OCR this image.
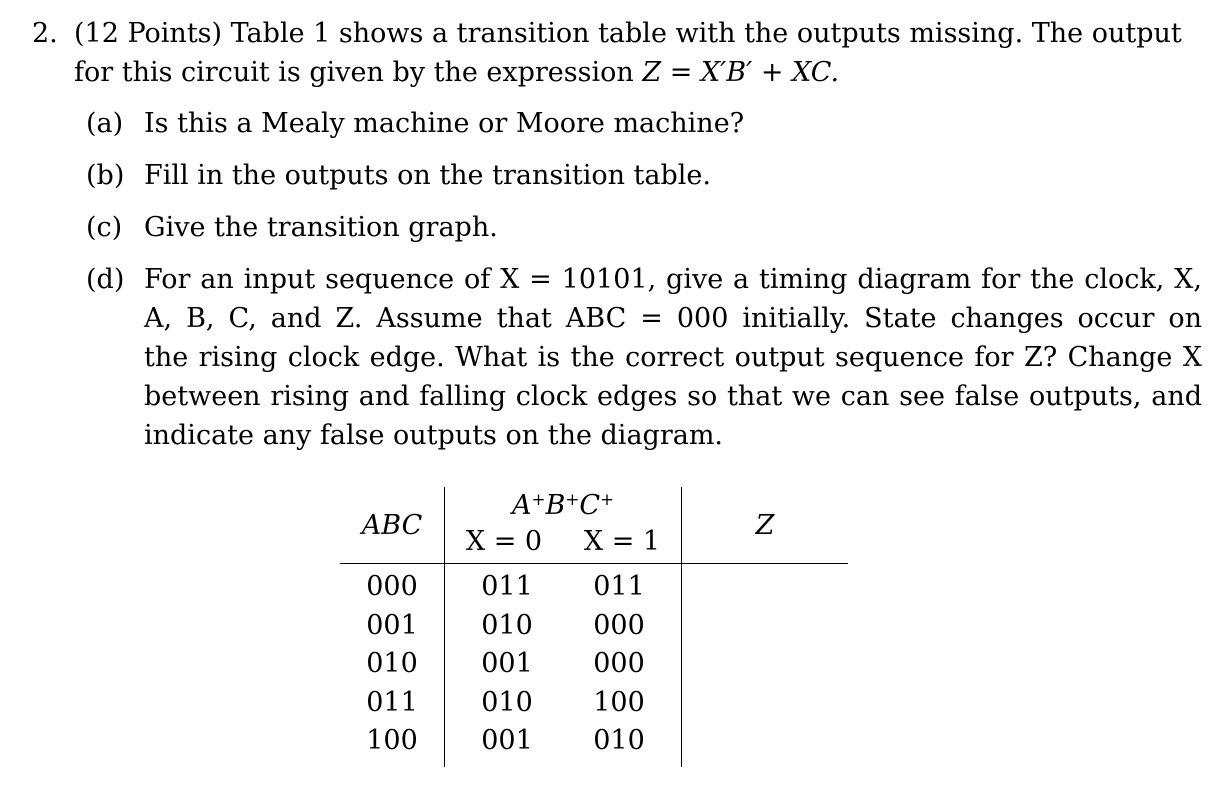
2. (12 Points) Table 1 shows a transition table with the outputs missing. The output
for this circuit is given by the expression Z = X′B′ + XC.
(a) Is this a Mealy machine or Moore machine?
(b) Fill in the outputs on the transition table.
(c) Give the transition graph.
(d) For an input sequence of X = 10101, give a timing diagram for the clock, X,
A, B, C, and Z. Assume that ABC = 000 initially. State changes occur on
the rising clock edge. What is the correct output sequence for Z? Change X
between rising and falling clock edges so that we can see false outputs, and
indicate any false outputs on the diagram.
ABC	A+B+C+
X = 0 X = 1	Z
000	011 011	

001	010 000	

010	001 000	

011	010 100	

100	001 010	
